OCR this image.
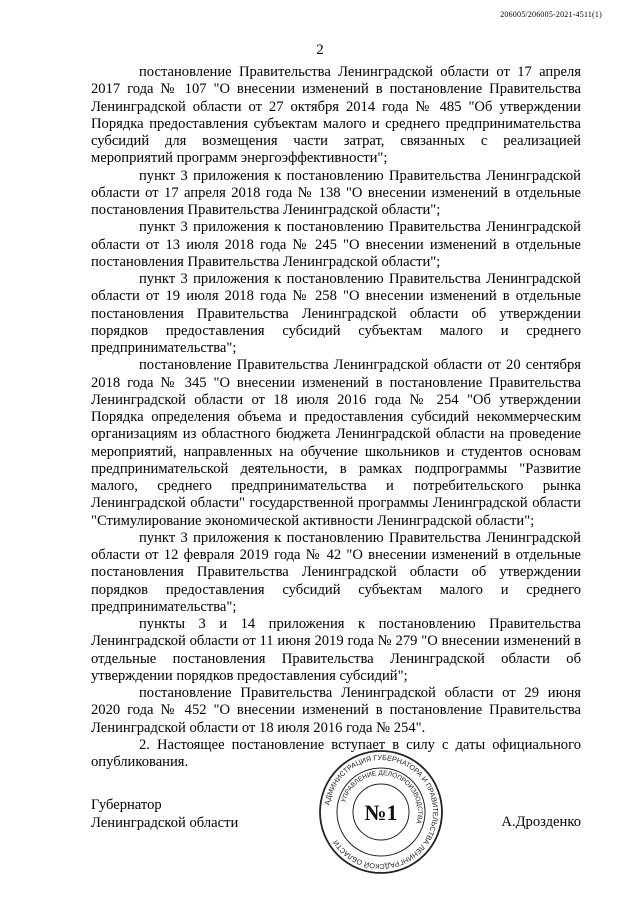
206005/206005-2021-4511(1)
2

постановление Правительства Ленинградской области от 17 апреля 2017 года № 107 "О внесении изменений в постановление Правительства Ленинградской области от 27 октября 2014 года № 485 "Об утверждении Порядка предоставления субъектам малого и среднего предпринимательства субсидий для возмещения части затрат, связанных с реализацией мероприятий программ энергоэффективности";

пункт 3 приложения к постановлению Правительства Ленинградской области от 17 апреля 2018 года № 138 "О внесении изменений в отдельные постановления Правительства Ленинградской области";

пункт 3 приложения к постановлению Правительства Ленинградской области от 13 июля 2018 года № 245 "О внесении изменений в отдельные постановления Правительства Ленинградской области";

пункт 3 приложения к постановлению Правительства Ленинградской области от 19 июля 2018 года № 258 "О внесении изменений в отдельные постановления Правительства Ленинградской области об утверждении порядков предоставления субсидий субъектам малого и среднего предпринимательства";

постановление Правительства Ленинградской области от 20 сентября 2018 года № 345 "О внесении изменений в постановление Правительства Ленинградской области от 18 июля 2016 года № 254 "Об утверждении Порядка определения объема и предоставления субсидий некоммерческим организациям из областного бюджета Ленинградской области на проведение мероприятий, направленных на обучение школьников и студентов основам предпринимательской деятельности, в рамках подпрограммы "Развитие малого, среднего предпринимательства и потребительского рынка Ленинградской области" государственной программы Ленинградской области "Стимулирование экономической активности Ленинградской области";

пункт 3 приложения к постановлению Правительства Ленинградской области от 12 февраля 2019 года № 42 "О внесении изменений в отдельные постановления Правительства Ленинградской области об утверждении порядков предоставления субсидий субъектам малого и среднего предпринимательства";

пункты 3 и 14 приложения к постановлению Правительства Ленинградской области от 11 июня 2019 года № 279 "О внесении изменений в отдельные постановления Правительства Ленинградской области об утверждении порядков предоставления субсидий";

постановление Правительства Ленинградской области от 29 июня 2020 года № 452 "О внесении изменений в постановление Правительства Ленинградской области от 18 июля 2016 года № 254".

2. Настоящее постановление вступает в силу с даты официального опубликования.

Губернатор
Ленинградской области	А.Дрозденко
АДМИНИСТРАЦИЯ ГУБЕРНАТОРА И ПРАВИТЕЛЬСТВА ЛЕНИНГРАДСКОЙ ОБЛАСТИ
УПРАВЛЕНИЕ ДЕЛОПРОИЗВОДСТВА
№1
